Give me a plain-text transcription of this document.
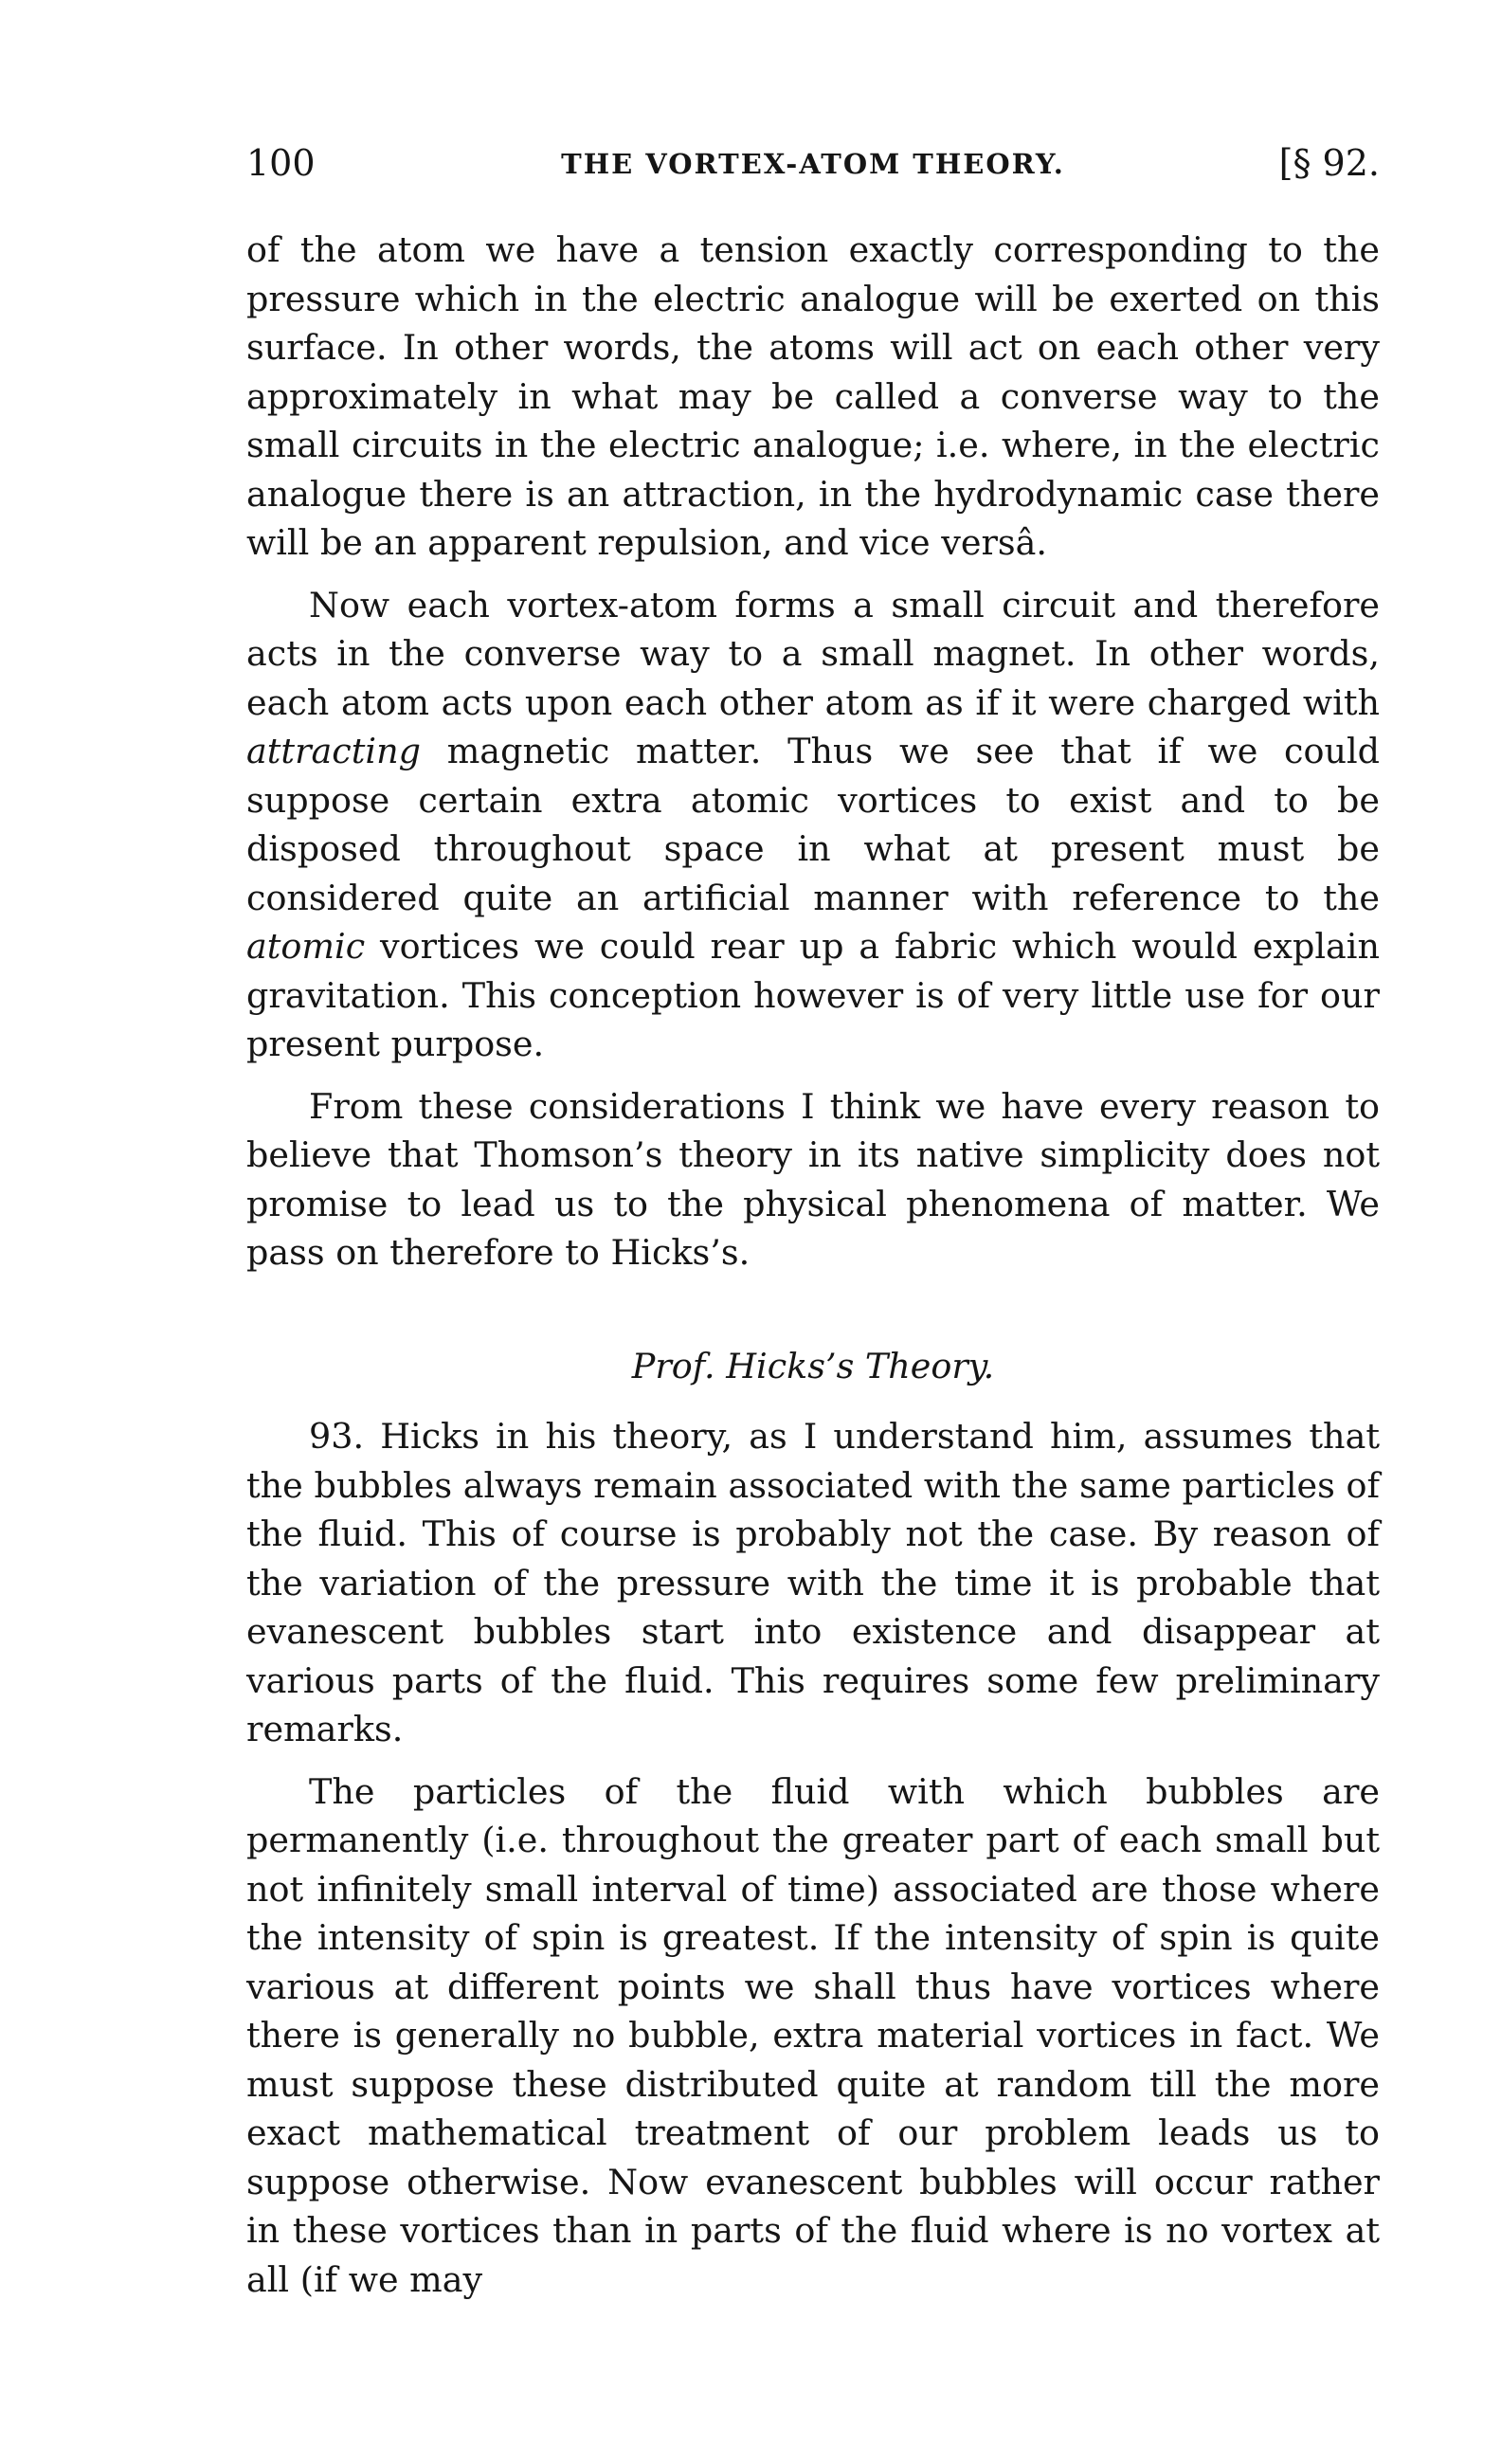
100	THE VORTEX-ATOM THEORY.	[§ 92.

of the atom we have a tension exactly corresponding to the pressure which in the electric analogue will be exerted on this surface. In other words, the atoms will act on each other very approximately in what may be called a converse way to the small circuits in the electric analogue; i.e. where, in the electric analogue there is an attraction, in the hydrodynamic case there will be an apparent repulsion, and vice versâ.

Now each vortex-atom forms a small circuit and therefore acts in the converse way to a small magnet. In other words, each atom acts upon each other atom as if it were charged with attracting magnetic matter. Thus we see that if we could suppose certain extra atomic vortices to exist and to be disposed throughout space in what at present must be considered quite an artificial manner with reference to the atomic vortices we could rear up a fabric which would explain gravitation. This conception however is of very little use for our present purpose.

From these considerations I think we have every reason to believe that Thomson’s theory in its native simplicity does not promise to lead us to the physical phenomena of matter. We pass on therefore to Hicks’s.

Prof. Hicks’s Theory.

93. Hicks in his theory, as I understand him, assumes that the bubbles always remain associated with the same particles of the fluid. This of course is probably not the case. By reason of the variation of the pressure with the time it is probable that evanescent bubbles start into existence and disappear at various parts of the fluid. This requires some few preliminary remarks.

The particles of the fluid with which bubbles are permanently (i.e. throughout the greater part of each small but not infinitely small interval of time) associated are those where the intensity of spin is greatest. If the intensity of spin is quite various at different points we shall thus have vortices where there is generally no bubble, extra material vortices in fact. We must suppose these distributed quite at random till the more exact mathematical treatment of our problem leads us to suppose otherwise. Now evanescent bubbles will occur rather in these vortices than in parts of the fluid where is no vortex at all (if we may
